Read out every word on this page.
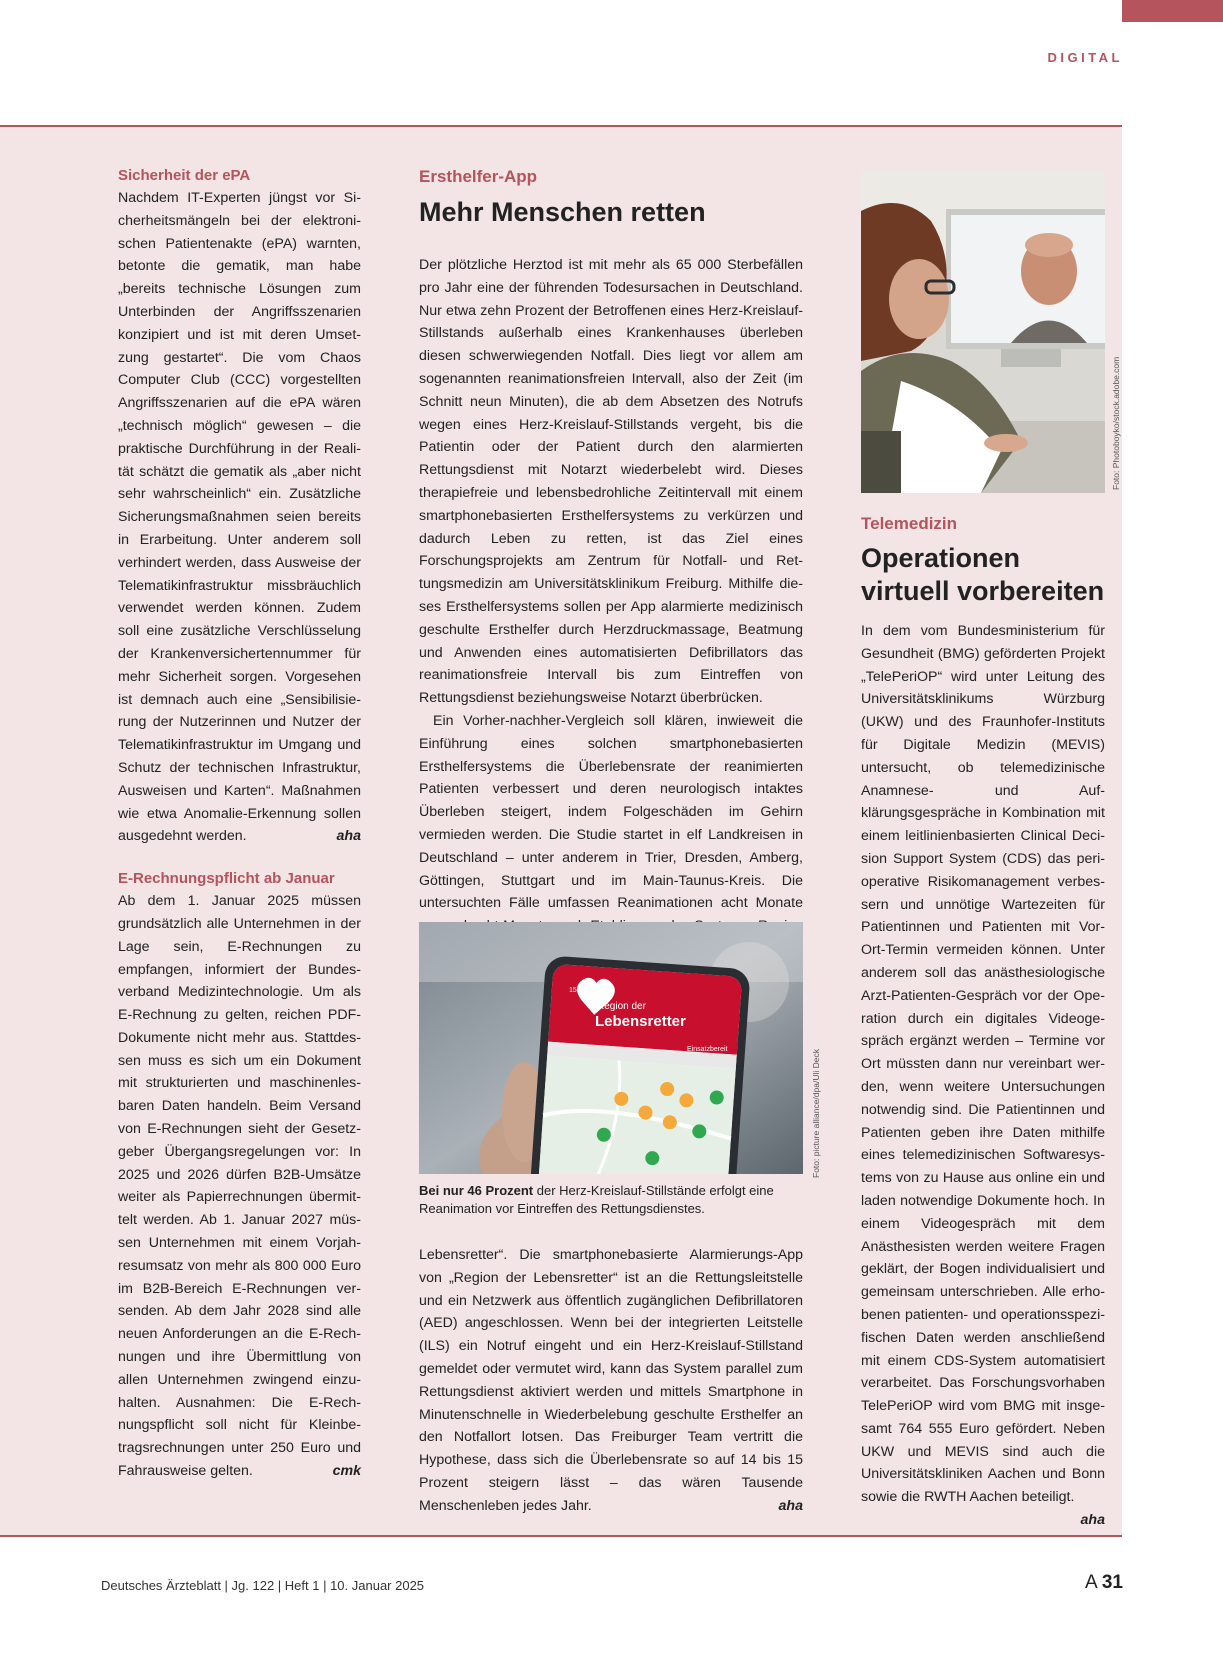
DIGITAL
Sicherheit der ePA

Nachdem IT-Experten jüngst vor Sicherheitsmängeln bei der elektronischen Patientenakte (ePA) warnten, betonte die gematik, man habe „bereits technische Lösungen zum Unterbinden der Angriffsszenarien konzipiert und ist mit deren Umsetzung gestartet“. Die vom Chaos Computer Club (CCC) vorgestellten Angriffsszenarien auf die ePA wären „technisch möglich“ gewesen – die praktische Durchführung in der Realität schätzt die gematik als „aber nicht sehr wahrscheinlich“ ein. Zusätzliche Sicherungsmaßnahmen seien bereits in Erarbeitung. Unter anderem soll verhindert werden, dass Ausweise der Telematikinfrastruktur missbräuchlich verwendet werden können. Zudem soll eine zusätzliche Verschlüsselung der Krankenversichertennummer für mehr Sicherheit sorgen. Vorgesehen ist demnach auch eine „Sensibilisierung der Nutzerinnen und Nutzer der Telematikinfrastruktur im Umgang und Schutz der technischen Infrastruktur, Ausweisen und Karten“. Maßnahmen wie etwa Anomalie-Erkennung sollen ausgedehnt werden.	aha

E-Rechnungspflicht ab Januar

Ab dem 1. Januar 2025 müssen grundsätzlich alle Unternehmen in der Lage sein, E-Rechnungen zu empfangen, informiert der Bundesverband Medizintechnologie. Um als E-Rechnung zu gelten, reichen PDF-Dokumente nicht mehr aus. Stattdessen muss es sich um ein Dokument mit strukturierten und maschinenlesbaren Daten handeln. Beim Versand von E-Rechnungen sieht der Gesetzgeber Übergangsregelungen vor: In 2025 und 2026 dürfen B2B-Umsätze weiter als Papierrechnungen übermittelt werden. Ab 1. Januar 2027 müssen Unternehmen mit einem Vorjahresumsatz von mehr als 800 000 Euro im B2B-Bereich E-Rechnungen versenden. Ab dem Jahr 2028 sind alle neuen Anforderungen an die E-Rechnungen und ihre Übermittlung von allen Unternehmen zwingend einzuhalten. Ausnahmen: Die E-Rechnungspflicht soll nicht für Kleinbetragsrechnungen unter 250 Euro und Fahrausweise gelten.	cmk

Ersthelfer-App
Mehr Menschen retten

Der plötzliche Herztod ist mit mehr als 65 000 Sterbefällen pro Jahr eine der führenden Todesursachen in Deutschland. Nur etwa zehn Prozent der Betroffenen eines Herz-Kreislauf-Stillstands außerhalb eines Krankenhauses überleben diesen schwerwiegenden Notfall. Dies liegt vor allem am sogenannten reanimationsfreien Intervall, also der Zeit (im Schnitt neun Minuten), die ab dem Absetzen des Notrufs wegen eines Herz-Kreislauf-Stillstands vergeht, bis die Patientin oder der Patient durch den alarmierten Rettungsdienst mit Notarzt wiederbelebt wird. Dieses therapiefreie und lebensbedrohliche Zeitintervall mit einem smartphonebasierten Ersthelfersystems zu verkürzen und dadurch Leben zu retten, ist das Ziel eines Forschungsprojekts am Zentrum für Notfall- und Rettungsmedizin am Universitätsklinikum Freiburg. Mithilfe dieses Ersthelfersystems sollen per App alarmierte medizinisch geschulte Ersthelfer durch Herzdruckmassage, Beatmung und Anwenden eines automatisierten Defibrillators das reanimationsfreie Intervall bis zum Eintreffen von Rettungsdienst beziehungsweise Notarzt überbrücken.

Ein Vorher-nachher-Vergleich soll klären, inwieweit die Einführung eines solchen smartphonebasierten Ersthelfersystems die Überlebensrate der reanimierten Patienten verbessert und deren neurologisch intaktes Überleben steigert, indem Folgeschäden im Gehirn vermieden werden. Die Studie startet in elf Landkreisen in Deutschland – unter anderem in Trier, Dresden, Amberg, Göttingen, Stuttgart und im Main-Taunus-Kreis. Die untersuchten Fälle umfassen Reanimationen acht Monate

15:02
Region der
Lebensretter
Einsatzbereit	Foto: picture alliance/dpa/Uli Deck
Bei nur 46 Prozent der Herz-Kreislauf-Stillstände erfolgt eine Reanimation vor Eintreffen des Rettungsdienstes.

Lebensretter“. Die smartphonebasierte Alarmierungs-App von „Region der Lebensretter“ ist an die Rettungsleitstelle und ein Netzwerk aus öffentlich zugänglichen Defibrillatoren (AED) angeschlossen. Wenn bei der integrierten Leitstelle (ILS) ein Notruf eingeht und ein Herz-Kreislauf-Stillstand gemeldet oder vermutet wird, kann das System parallel zum Rettungsdienst aktiviert werden und mittels Smartphone in Minutenschnelle in Wiederbelebung geschulte Ersthelfer an den Notfallort lotsen. Das Freiburger Team vertritt die Hypothese, dass sich die Überlebensrate so auf 14 bis 15 Prozent steigern lässt – das wären Tausende Menschenleben jedes Jahr.	aha

Foto: Photoboyko/stock.adobe.com
Telemedizin
Operationen virtuell vorbereiten

In dem vom Bundesministerium für Gesundheit (BMG) geförderten Projekt „TelePeriOP“ wird unter Leitung des Universitätsklinikums Würzburg (UKW) und des Fraunhofer-Instituts für Digitale Medizin (MEVIS) untersucht, ob telemedizinische Anamnese- und Aufklärungsgespräche in Kombination mit einem leitlinienbasierten Clinical Decision Support System (CDS) das perioperative Risikomanagement verbessern und unnötige Wartezeiten für Patientinnen und Patienten mit Vor-Ort-Termin vermeiden können. Unter anderem soll das anästhesiologische Arzt-Patienten-Gespräch vor der Operation durch ein digitales Videogespräch ergänzt werden – Termine vor Ort müssten dann nur vereinbart werden, wenn weitere Untersuchungen notwendig sind. Die Patientinnen und Patienten geben ihre Daten mithilfe eines telemedizinischen Softwaresystems von zu Hause aus online ein und laden notwendige Dokumente hoch. In einem Videogespräch mit dem Anästhesisten werden weitere Fragen geklärt, der Bogen individualisiert und gemeinsam unterschrieben. Alle erhobenen patienten- und operationsspezifischen Daten werden anschließend mit einem CDS-System automatisiert verarbeitet. Das Forschungsvorhaben TelePeriOP wird vom BMG mit insgesamt 764 555 Euro gefördert. Neben UKW und MEVIS sind auch die Universitätskliniken Aachen und Bonn sowie die RWTH Aachen beteiligt.
aha

Deutsches Ärzteblatt | Jg. 122 | Heft 1 | 10. Januar 2025	A 31
